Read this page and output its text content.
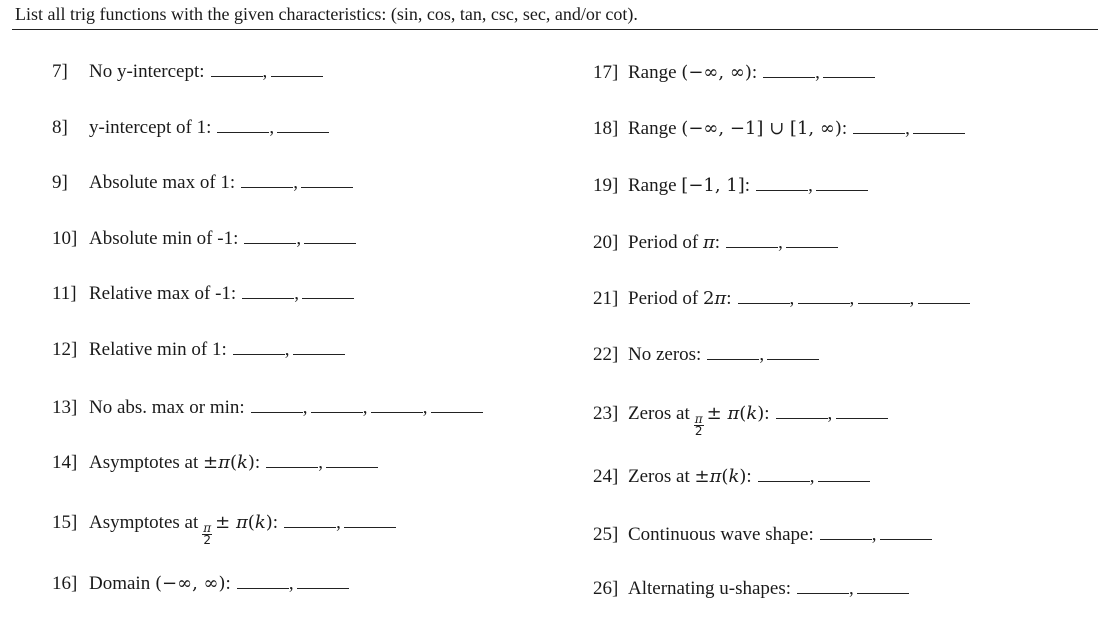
List all trig functions with the given characteristics: (sin, cos, tan, csc, sec, and/or cot).
7]	No y-intercept:	,
8]	y-intercept of 1:	,
9]	Absolute max of 1:	,
10] Absolute min of -1:	,
11] Relative max of -1:	,
12] Relative min of 1:	,
13] No abs. max or min:	,	,	,
14] Asymptotes at
±π(k) :	,
15] Asymptotes at
$\frac{\pi}{2}$
± π(k) :	,
16] Domain
(−∞, ∞) :	,
17] Range
(−∞, ∞) :	,
18] Range
(−∞, −1] ∪ [1, ∞) :	,
19] Range
[−1, 1] :	,
20] Period of
π :	,
21] Period of
2π :	,	,	,
22] No zeros:	,
23] Zeros at
$\frac{\pi}{2}$
± π(k) :	,
24] Zeros at
±π(k) :	,
25] Continuous wave shape:	,
26] Alternating u-shapes:	,
